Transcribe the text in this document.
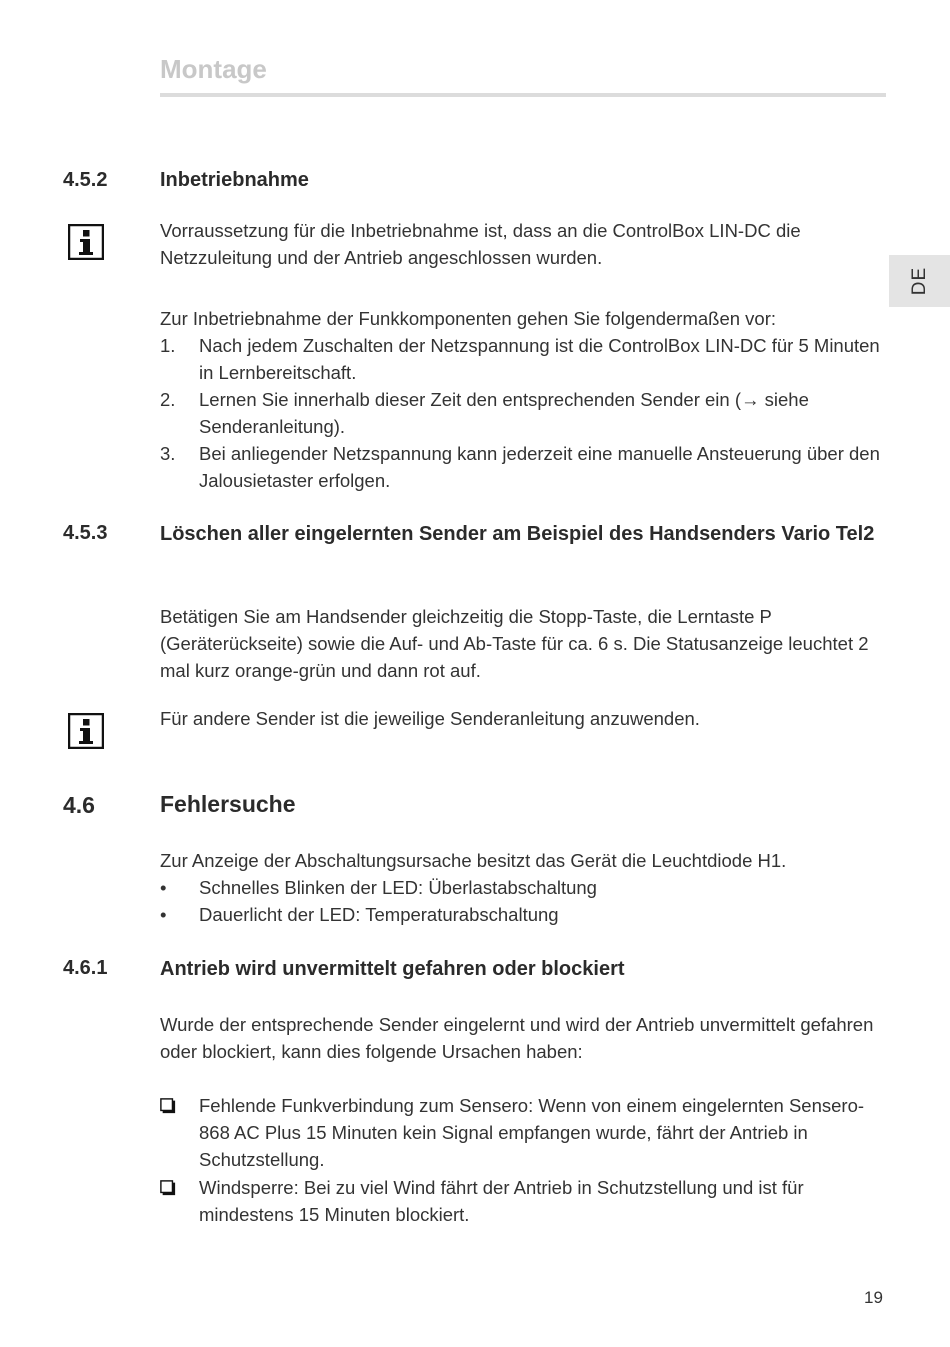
Montage
DE
4.5.2	Inbetriebnahme
Vorraussetzung für die Inbetriebnahme ist, dass an die ControlBox LIN-DC die Netzzuleitung und der Antrieb angeschlossen wurden.
Zur Inbetriebnahme der Funkkomponenten gehen Sie folgendermaßen vor:
1. Nach jedem Zuschalten der Netzspannung ist die ControlBox LIN-DC für 5 Minuten in Lernbereitschaft.
2. Lernen Sie innerhalb dieser Zeit den entsprechenden Sender ein (→ siehe Senderanleitung).
3. Bei anliegender Netzspannung kann jederzeit eine manuelle Ansteuerung über den Jalousietaster erfolgen.
4.5.3	Löschen aller eingelernten Sender am Beispiel des Handsenders Vario Tel2
Betätigen Sie am Handsender gleichzeitig die Stopp-Taste, die Lerntaste P (Geräterückseite) sowie die Auf- und Ab-Taste für ca. 6 s. Die Statusanzeige leuchtet 2 mal kurz orange-grün und dann rot auf.
Für andere Sender ist die jeweilige Senderanleitung anzuwenden.
4.6	Fehlersuche
Zur Anzeige der Abschaltungsursache besitzt das Gerät die Leuchtdiode H1.
• Schnelles Blinken der LED: Überlastabschaltung
• Dauerlicht der LED: Temperaturabschaltung
4.6.1	Antrieb wird unvermittelt gefahren oder blockiert
Wurde der entsprechende Sender eingelernt und wird der Antrieb unvermittelt gefahren oder blockiert, kann dies folgende Ursachen haben:
Fehlende Funkverbindung zum Sensero: Wenn von einem eingelernten Sensero-868 AC Plus 15 Minuten kein Signal empfangen wurde, fährt der Antrieb in Schutzstellung.
Windsperre: Bei zu viel Wind fährt der Antrieb in Schutzstellung und ist für mindestens 15 Minuten blockiert.
19
